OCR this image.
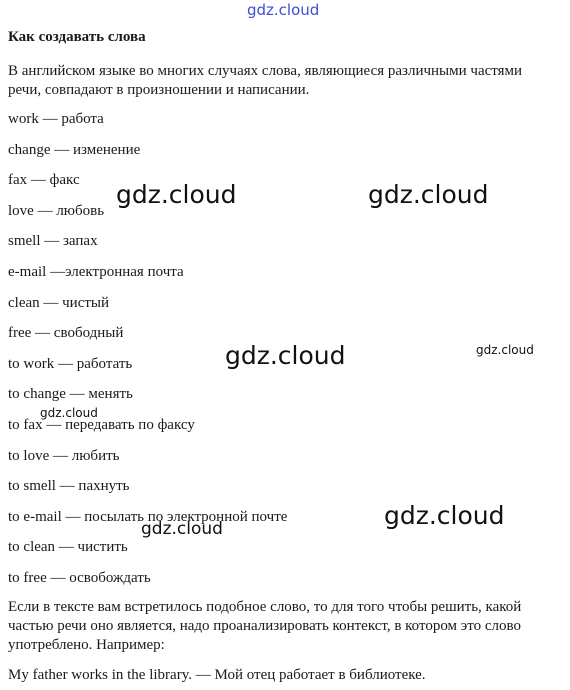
Как создавать слова
В английском языке во многих случаях слова, являющиеся различными частями речи, совпадают в произношении и написании.
work — работа
change — изменение
fax — факс
love — любовь
smell — запах
e-mail —электронная почта
clean — чистый
free — свободный
to work — работать
to change — менять
to fax — передавать по факсу
to love — любить
to smell — пахнуть
to e-mail — посылать по электронной почте
to clean — чистить
to free — освобождать
Если в тексте вам встретилось подобное слово, то для того чтобы решить, какой частью речи оно является, надо проанализировать контекст, в котором это слово употреблено. Например:
My father works in the library. — Мой отец работает в библиотеке.
gdz.cloud
gdz.cloud	gdz.cloud
gdz.cloud	gdz.cloud
gdz.cloud
gdz.cloud
gdz.cloud
